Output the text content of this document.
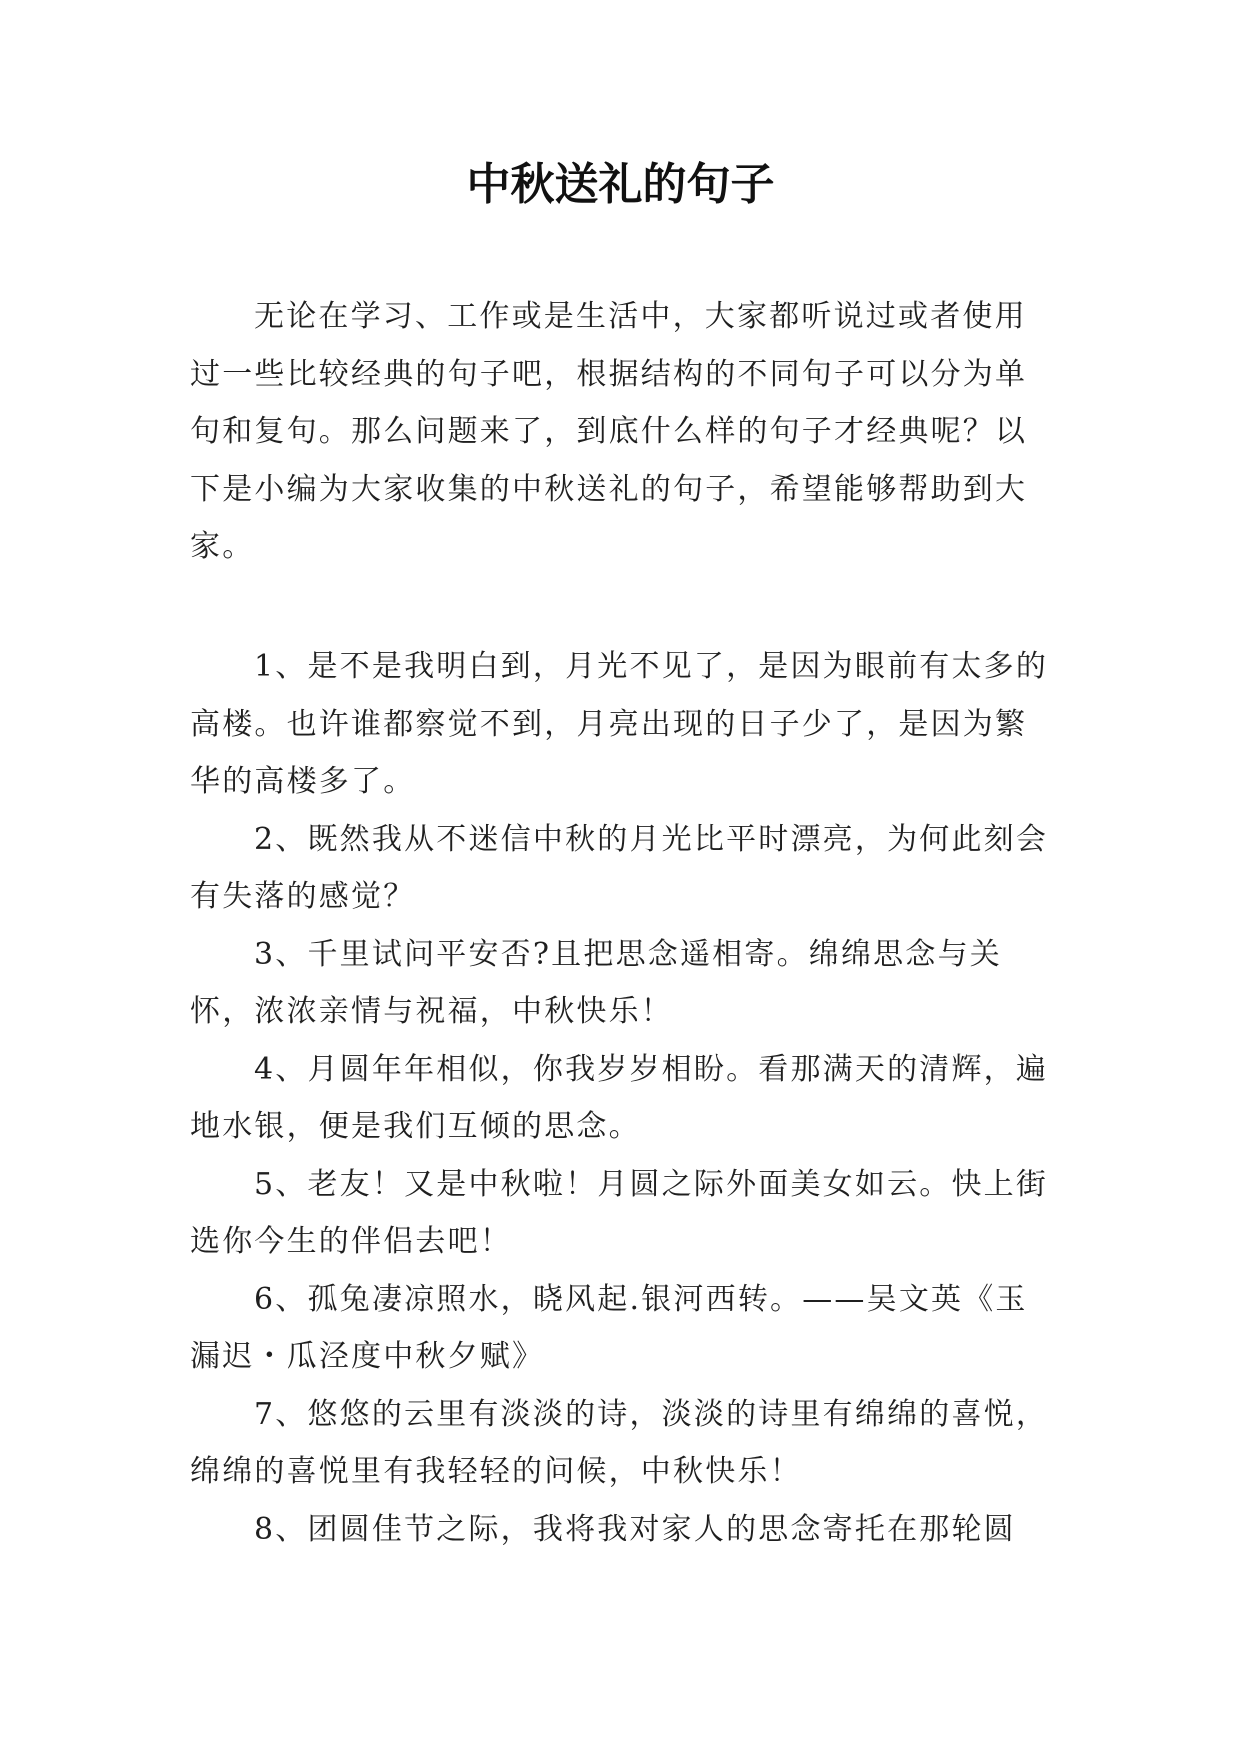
中秋送礼的句子

无论在学习、工作或是生活中，大家都听说过或者使用过一些比较经典的句子吧，根据结构的不同句子可以分为单句和复句。那么问题来了，到底什么样的句子才经典呢？以下是小编为大家收集的中秋送礼的句子，希望能够帮助到大家。

1、是不是我明白到，月光不见了，是因为眼前有太多的高楼。也许谁都察觉不到，月亮出现的日子少了，是因为繁华的高楼多了。

2、既然我从不迷信中秋的月光比平时漂亮，为何此刻会有失落的感觉？

3、千里试问平安否?且把思念遥相寄。绵绵思念与关怀，浓浓亲情与祝福，中秋快乐！

4、月圆年年相似，你我岁岁相盼。看那满天的清辉，遍地水银，便是我们互倾的思念。

5、老友！又是中秋啦！月圆之际外面美女如云。快上街选你今生的伴侣去吧！

6、孤兔凄凉照水，晓风起.银河西转。——吴文英《玉漏迟・瓜泾度中秋夕赋》

7、悠悠的云里有淡淡的诗，淡淡的诗里有绵绵的喜悦，绵绵的喜悦里有我轻轻的问候，中秋快乐！

8、团圆佳节之际，我将我对家人的思念寄托在那轮圆
